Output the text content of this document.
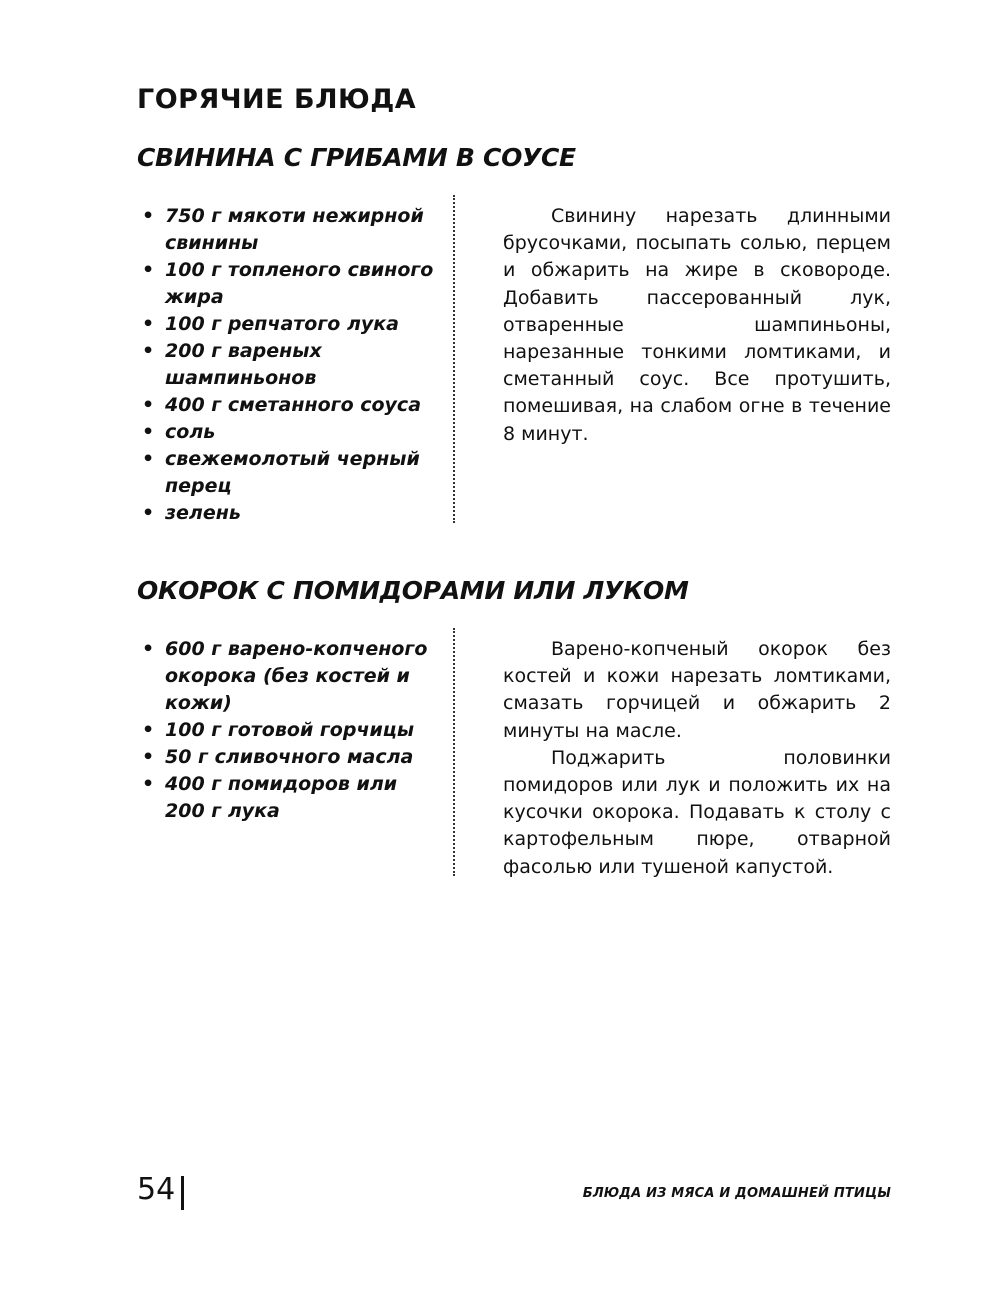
ГОРЯЧИЕ БЛЮДА
СВИНИНА С ГРИБАМИ В СОУСЕ
• 750 г мякоти нежирной свинины
• 100 г топленого свиного жира
• 100 г репчатого лука
• 200 г вареных шампиньонов
• 400 г сметанного соуса
• соль
• свежемолотый черный перец
• зелень

Свинину нарезать длинными брусочками, посыпать солью, перцем и обжарить на жире в сковороде. Добавить пассерованный лук, отваренные шампиньоны, нарезанные тонкими ломтиками, и сметанный соус. Все протушить, помешивая, на слабом огне в течение 8 минут.

ОКОРОК С ПОМИДОРАМИ ИЛИ ЛУКОМ
• 600 г варено-копченого окорока (без костей и кожи)
• 100 г готовой горчицы
• 50 г сливочного масла
• 400 г помидоров или 200 г лука

Варено-копченый окорок без костей и кожи нарезать ломтиками, смазать горчицей и обжарить 2 минуты на масле.

Поджарить половинки помидоров или лук и положить их на кусочки окорока. Подавать к столу с картофельным пюре, отварной фасолью или тушеной капустой.

54	БЛЮДА ИЗ МЯСА И ДОМАШНЕЙ ПТИЦЫ
